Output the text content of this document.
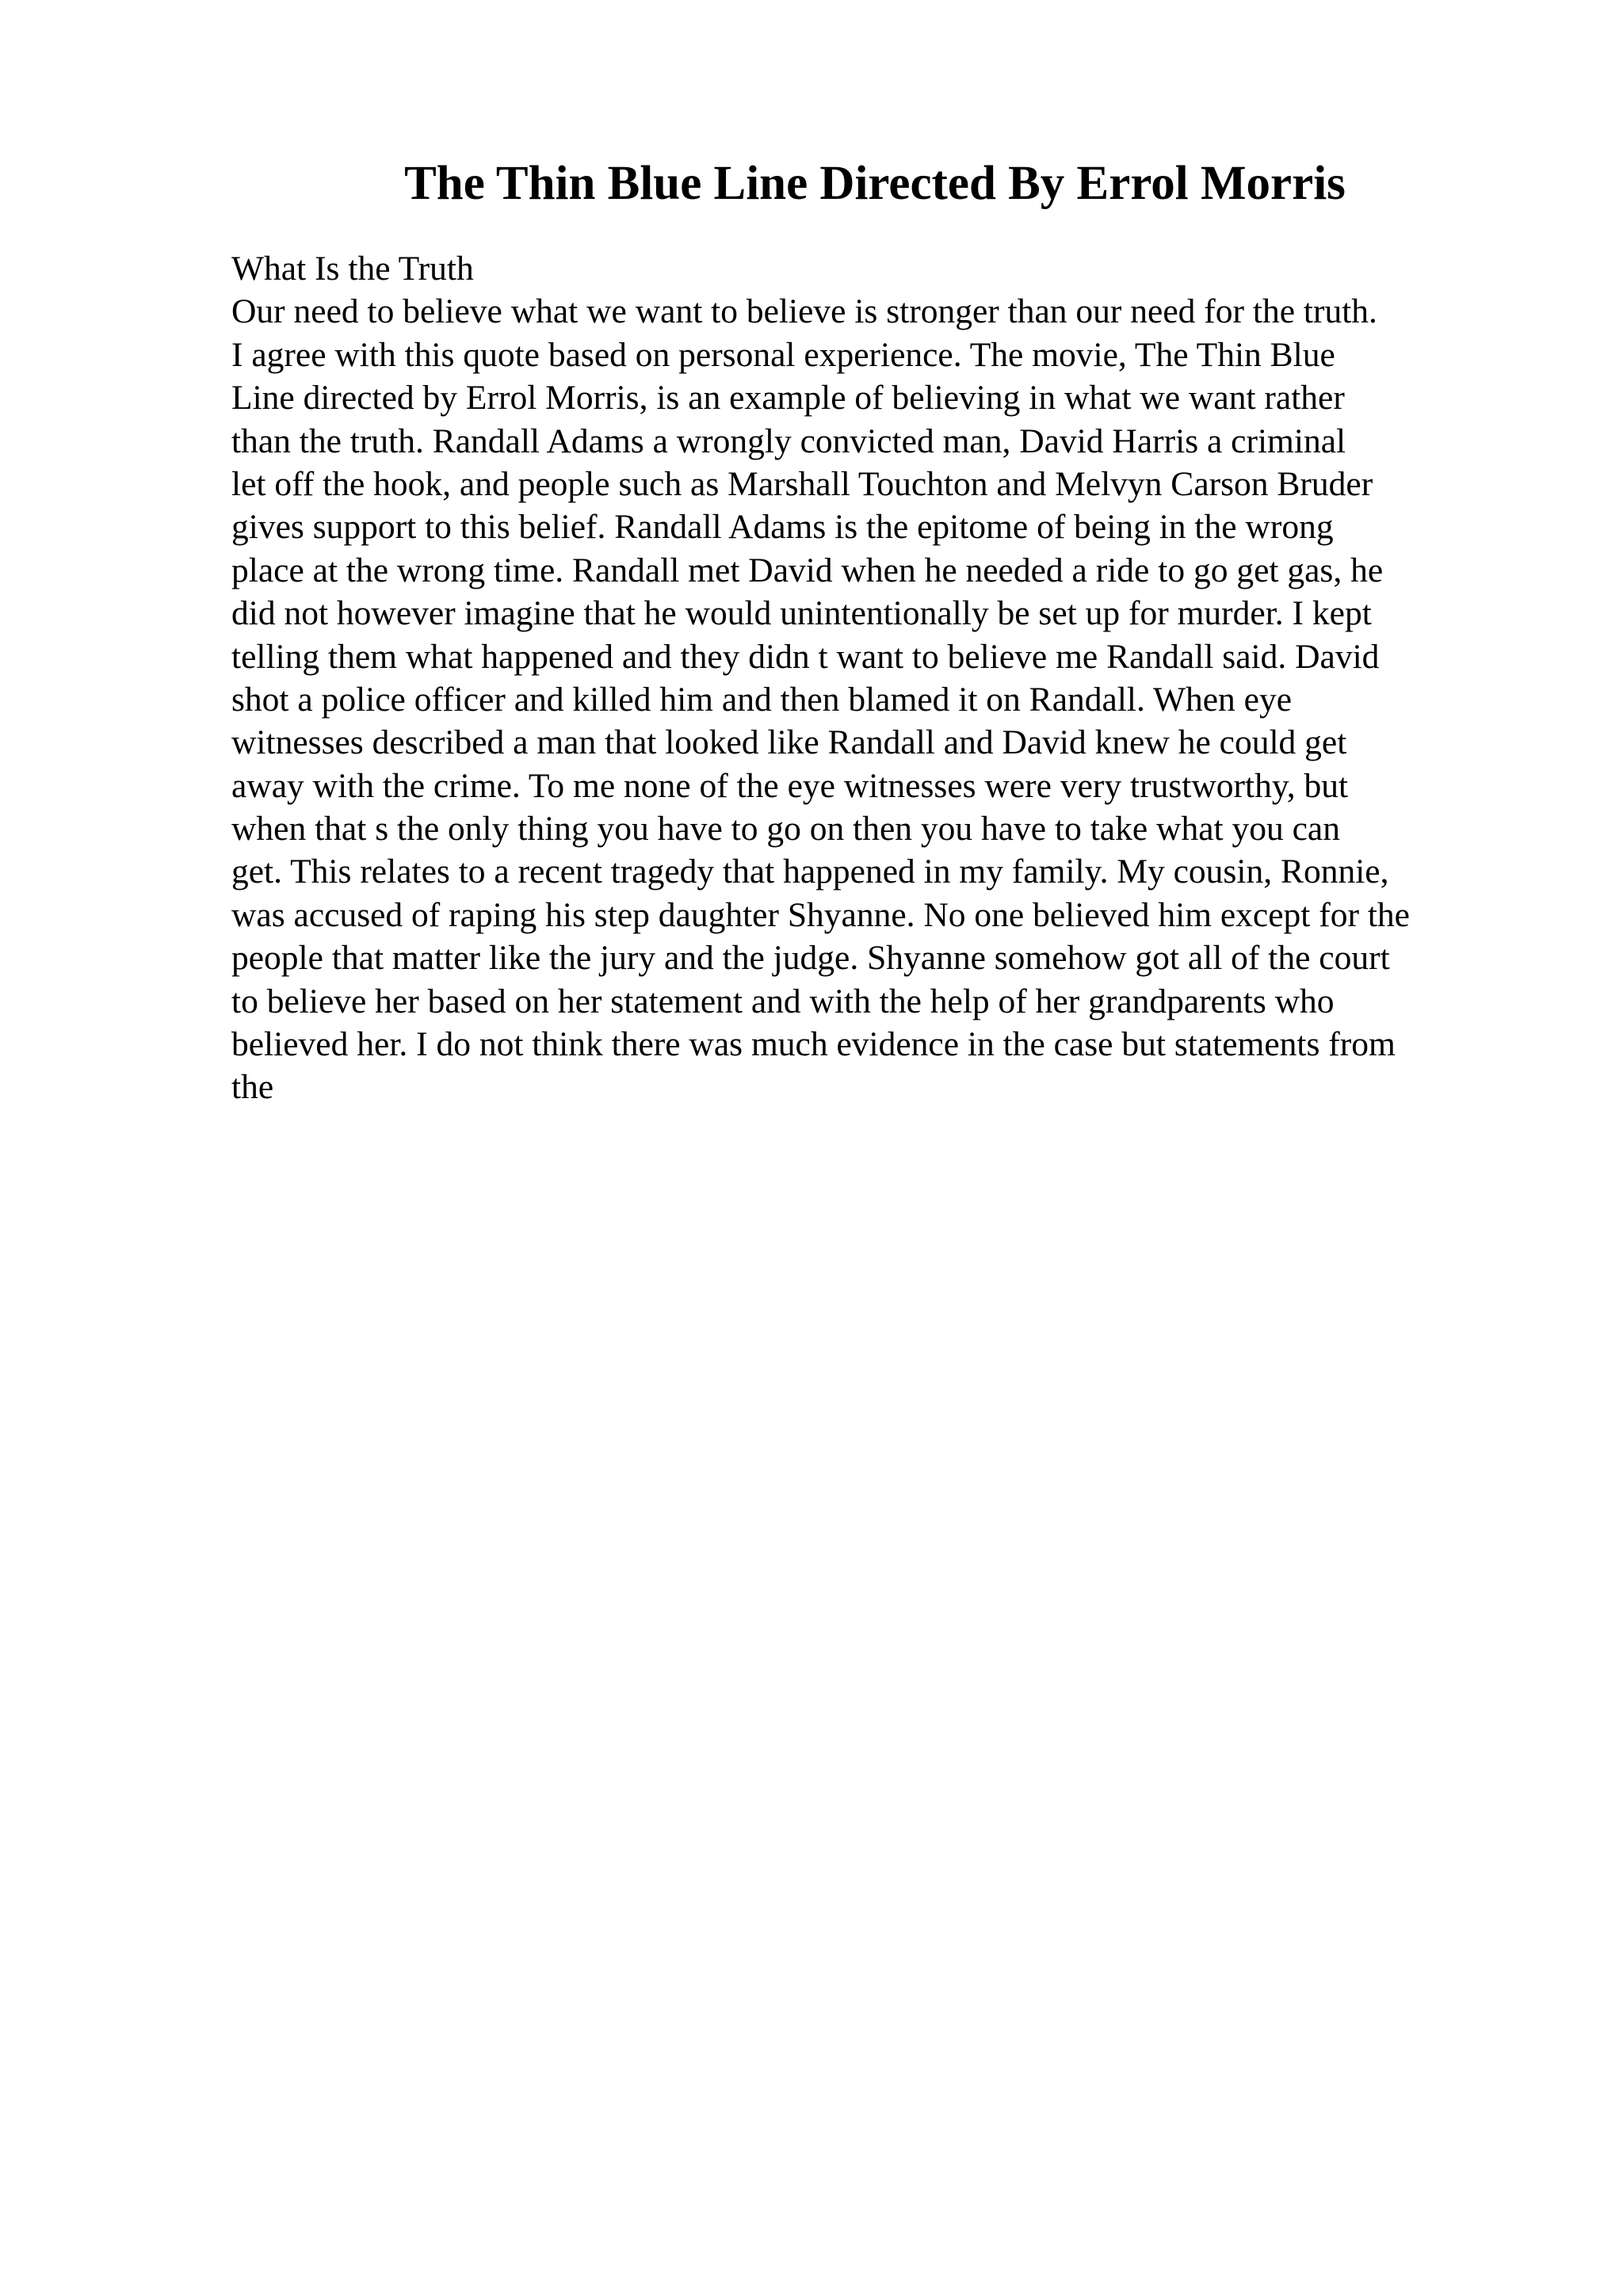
The Thin Blue Line Directed By Errol Morris
What Is the Truth
Our need to believe what we want to believe is stronger than our need for the truth.
I agree with this quote based on personal experience. The movie, The Thin Blue
Line directed by Errol Morris, is an example of believing in what we want rather
than the truth. Randall Adams a wrongly convicted man, David Harris a criminal
let off the hook, and people such as Marshall Touchton and Melvyn Carson Bruder
gives support to this belief. Randall Adams is the epitome of being in the wrong
place at the wrong time. Randall met David when he needed a ride to go get gas, he
did not however imagine that he would unintentionally be set up for murder. I kept
telling them what happened and they didn t want to believe me Randall said. David
shot a police officer and killed him and then blamed it on Randall. When eye
witnesses described a man that looked like Randall and David knew he could get
away with the crime. To me none of the eye witnesses were very trustworthy, but
when that s the only thing you have to go on then you have to take what you can
get. This relates to a recent tragedy that happened in my family. My cousin, Ronnie,
was accused of raping his step daughter Shyanne. No one believed him except for the
people that matter like the jury and the judge. Shyanne somehow got all of the court
to believe her based on her statement and with the help of her grandparents who
believed her. I do not think there was much evidence in the case but statements from
the
